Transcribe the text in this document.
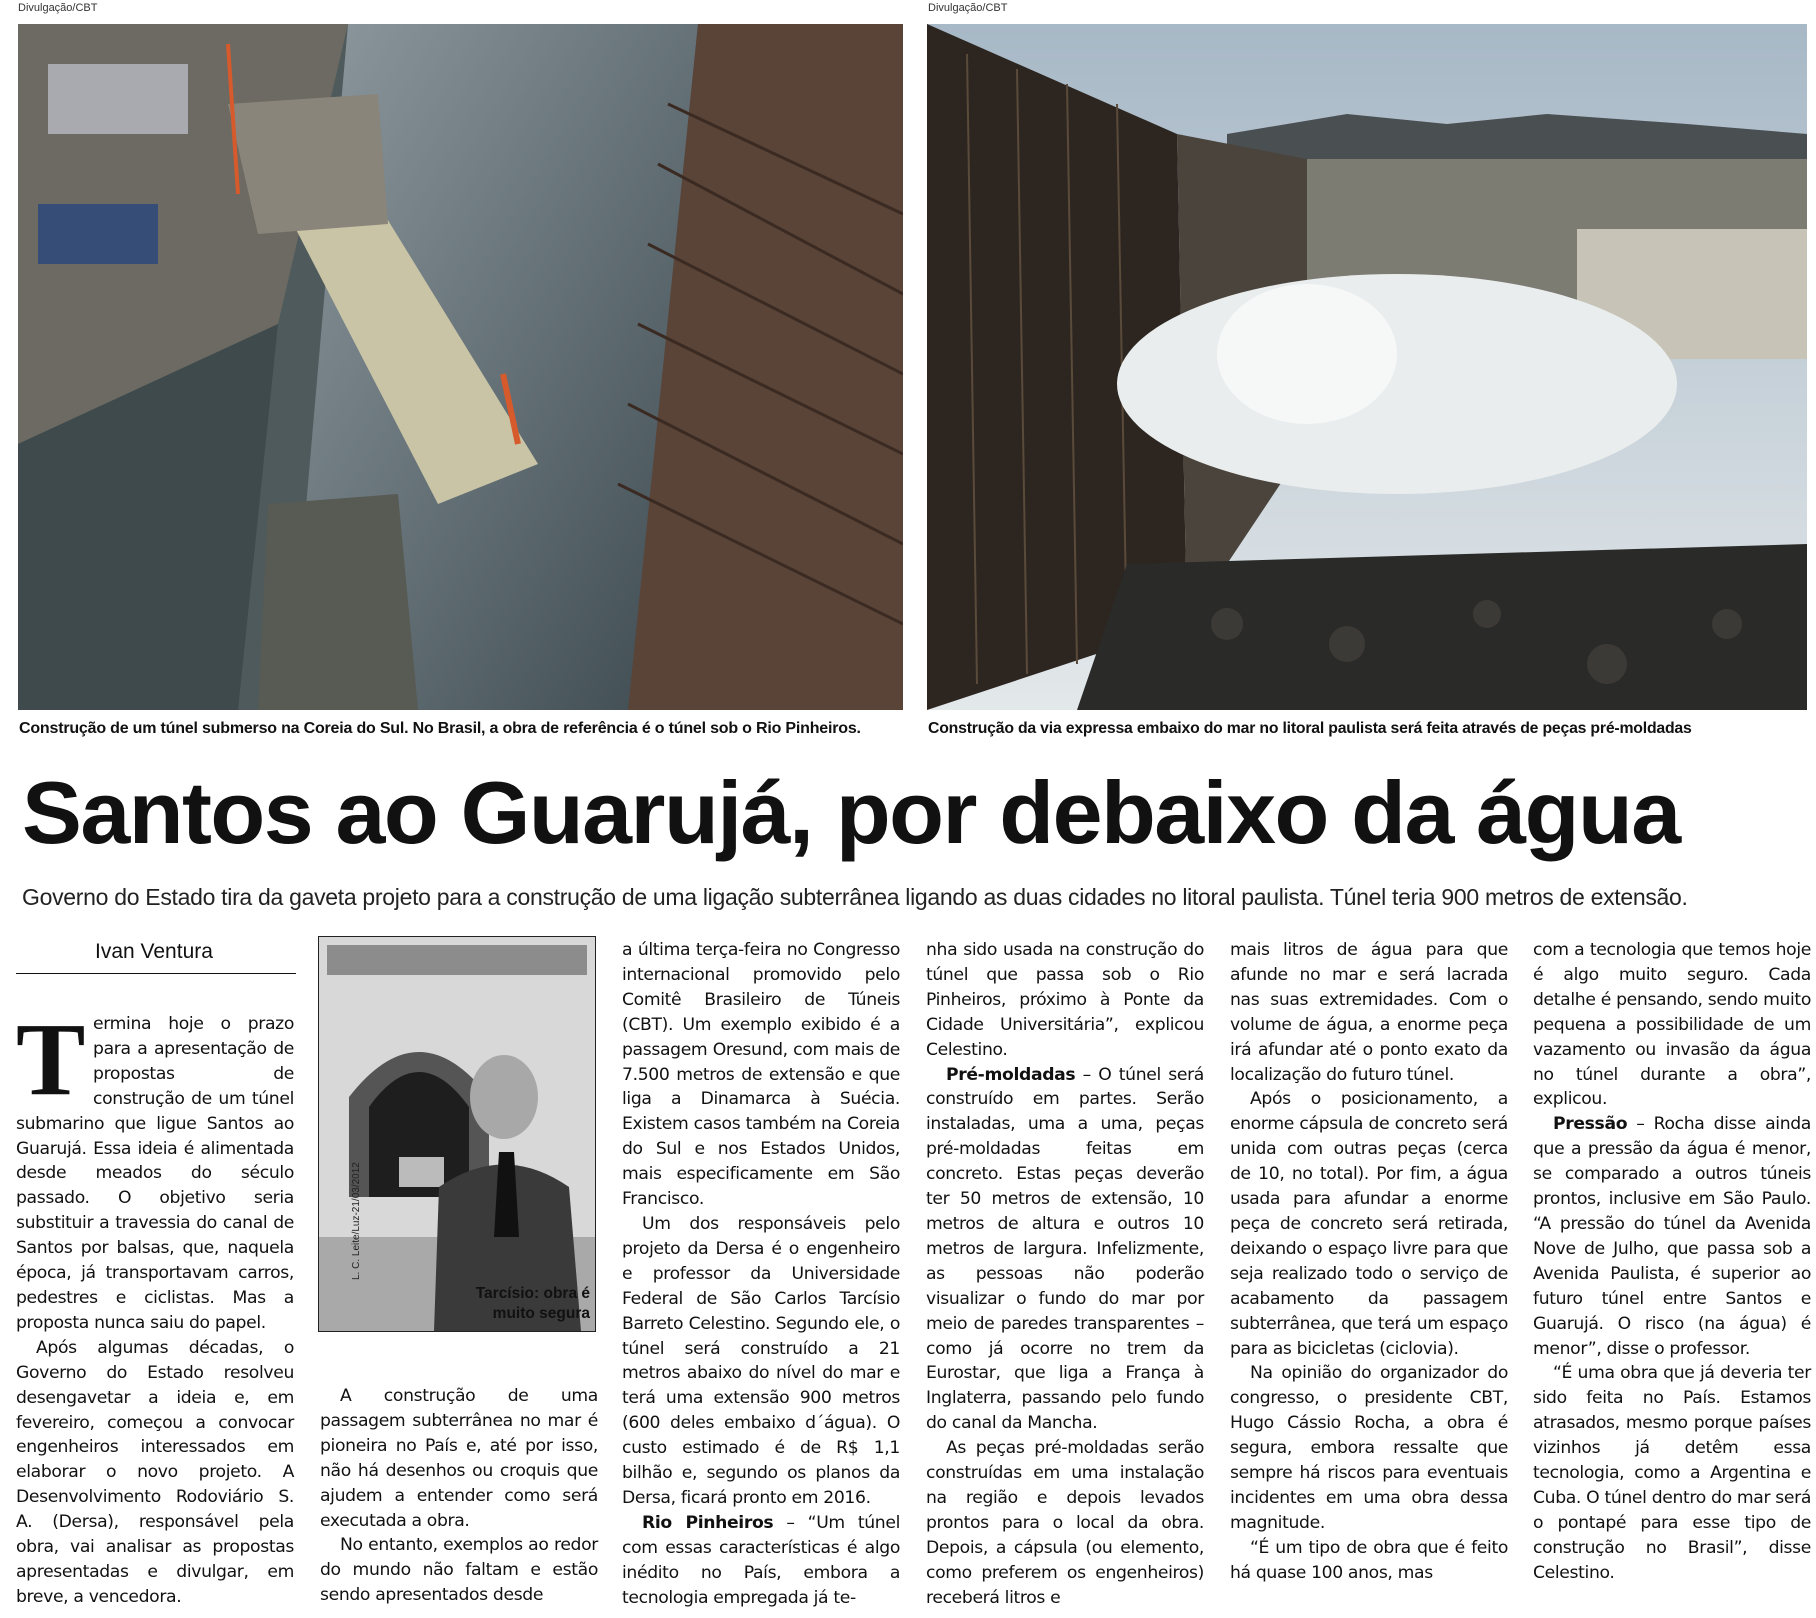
Divulgação/CBT	Divulgação/CBT
Construção de um túnel submerso na Coreia do Sul. No Brasil, a obra de referência é o túnel sob o Rio Pinheiros.	Construção da via expressa embaixo do mar no litoral paulista será feita através de peças pré-moldadas
Santos ao Guarujá, por debaixo da água
Governo do Estado tira da gaveta projeto para a construção de uma ligação subterrânea ligando as duas cidades no litoral paulista. Túnel teria 900 metros de extensão.
Ivan Ventura

Termina hoje o prazo para a apresentação de propostas de construção de um túnel submarino que ligue Santos ao Guarujá. Essa ideia é alimentada desde meados do século passado. O objetivo seria substituir a travessia do canal de Santos por balsas, que, naquela época, já transportavam carros, pedestres e ciclistas. Mas a proposta nunca saiu do papel.

Após algumas décadas, o Governo do Estado resolveu desengavetar a ideia e, em fevereiro, começou a convocar engenheiros interessados em elaborar o novo projeto. A Desenvolvimento Rodoviário S. A. (Dersa), responsável pela obra, vai analisar as propostas apresentadas e divulgar, em breve, a vencedora.

L. C. Leite/Luz-21/03/2012
Tarcísio: obra é
muito segura

A construção de uma passagem subterrânea no mar é pioneira no País e, até por isso, não há desenhos ou croquis que ajudem a entender como será executada a obra.

No entanto, exemplos ao redor do mundo não faltam e estão sendo apresentados desde

a última terça-feira no Congresso internacional promovido pelo Comitê Brasileiro de Túneis (CBT). Um exemplo exibido é a passagem Oresund, com mais de 7.500 metros de extensão e que liga a Dinamarca à Suécia. Existem casos também na Coreia do Sul e nos Estados Unidos, mais especificamente em São Francisco.

Um dos responsáveis pelo projeto da Dersa é o engenheiro e professor da Universidade Federal de São Carlos Tarcísio Barreto Celestino. Segundo ele, o túnel será construído a 21 metros abaixo do nível do mar e terá uma extensão 900 metros (600 deles embaixo d´água). O custo estimado é de R$ 1,1 bilhão e, segundo os planos da Dersa, ficará pronto em 2016.

Rio Pinheiros – “Um túnel com essas características é algo inédito no País, embora a tecnologia empregada já te-

nha sido usada na construção do túnel que passa sob o Rio Pinheiros, próximo à Ponte da Cidade Universitária”, explicou Celestino.

Pré-moldadas – O túnel será construído em partes. Serão instaladas, uma a uma, peças pré-moldadas feitas em concreto. Estas peças deverão ter 50 metros de extensão, 10 metros de altura e outros 10 metros de largura. Infelizmente, as pessoas não poderão visualizar o fundo do mar por meio de paredes transparentes – como já ocorre no trem da Eurostar, que liga a França à Inglaterra, passando pelo fundo do canal da Mancha.

As peças pré-moldadas serão construídas em uma instalação na região e depois levados prontos para o local da obra. Depois, a cápsula (ou elemento, como preferem os engenheiros) receberá litros e

mais litros de água para que afunde no mar e será lacrada nas suas extremidades. Com o volume de água, a enorme peça irá afundar até o ponto exato da localização do futuro túnel.

Após o posicionamento, a enorme cápsula de concreto será unida com outras peças (cerca de 10, no total). Por fim, a água usada para afundar a enorme peça de concreto será retirada, deixando o espaço livre para que seja realizado todo o serviço de acabamento da passagem subterrânea, que terá um espaço para as bicicletas (ciclovia).

Na opinião do organizador do congresso, o presidente CBT, Hugo Cássio Rocha, a obra é segura, embora ressalte que sempre há riscos para eventuais incidentes em uma obra dessa magnitude.

“É um tipo de obra que é feito há quase 100 anos, mas

com a tecnologia que temos hoje é algo muito seguro. Cada detalhe é pensando, sendo muito pequena a possibilidade de um vazamento ou invasão da água no túnel durante a obra”, explicou.

Pressão – Rocha disse ainda que a pressão da água é menor, se comparado a outros túneis prontos, inclusive em São Paulo. “A pressão do túnel da Avenida Nove de Julho, que passa sob a Avenida Paulista, é superior ao futuro túnel entre Santos e Guarujá. O risco (na água) é menor”, disse o professor.

“É uma obra que já deveria ter sido feita no País. Estamos atrasados, mesmo porque países vizinhos já detêm essa tecnologia, como a Argentina e Cuba. O túnel dentro do mar será o pontapé para esse tipo de construção no Brasil”, disse Celestino.
